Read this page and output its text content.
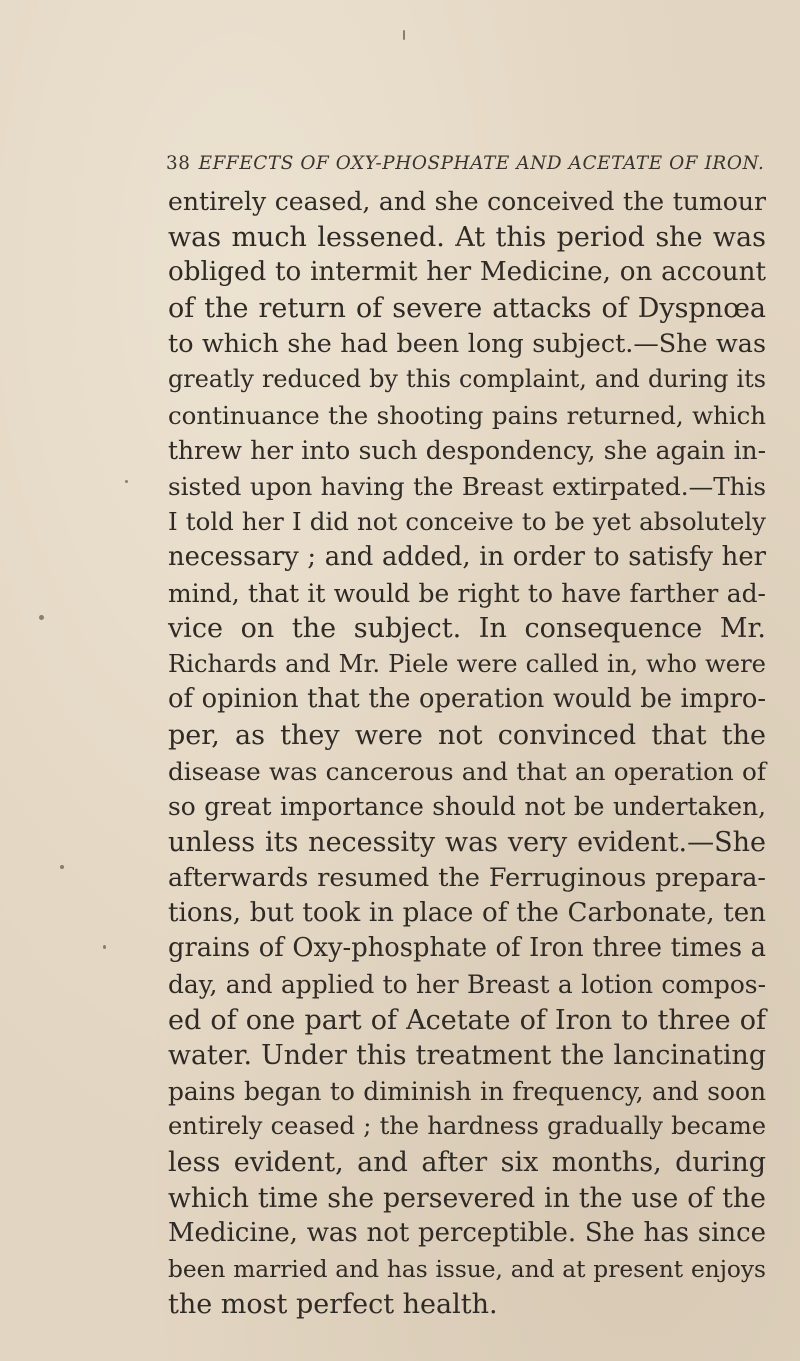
38 EFFECTS OF OXY-PHOSPHATE AND ACETATE OF IRON.
entirely ceased, and she conceived the tumour
was much lessened. At this period she was
obliged to intermit her Medicine, on account
of the return of severe attacks of Dyspnœa
to which she had been long subject.—She was
greatly reduced by this complaint, and during its
continuance the shooting pains returned, which
threw her into such despondency, she again in-
sisted upon having the Breast extirpated.—This
I told her I did not conceive to be yet absolutely
necessary ; and added, in order to satisfy her
mind, that it would be right to have farther ad-
vice on the subject. In consequence Mr.
Richards and Mr. Piele were called in, who were
of opinion that the operation would be impro-
per, as they were not convinced that the
disease was cancerous and that an operation of
so great importance should not be undertaken,
unless its necessity was very evident.—She
afterwards resumed the Ferruginous prepara-
tions, but took in place of the Carbonate, ten
grains of Oxy-phosphate of Iron three times a
day, and applied to her Breast a lotion compos-
ed of one part of Acetate of Iron to three of
water. Under this treatment the lancinating
pains began to diminish in frequency, and soon
entirely ceased ; the hardness gradually became
less evident, and after six months, during
which time she persevered in the use of the
Medicine, was not perceptible. She has since
been married and has issue, and at present enjoys
the most perfect health.
